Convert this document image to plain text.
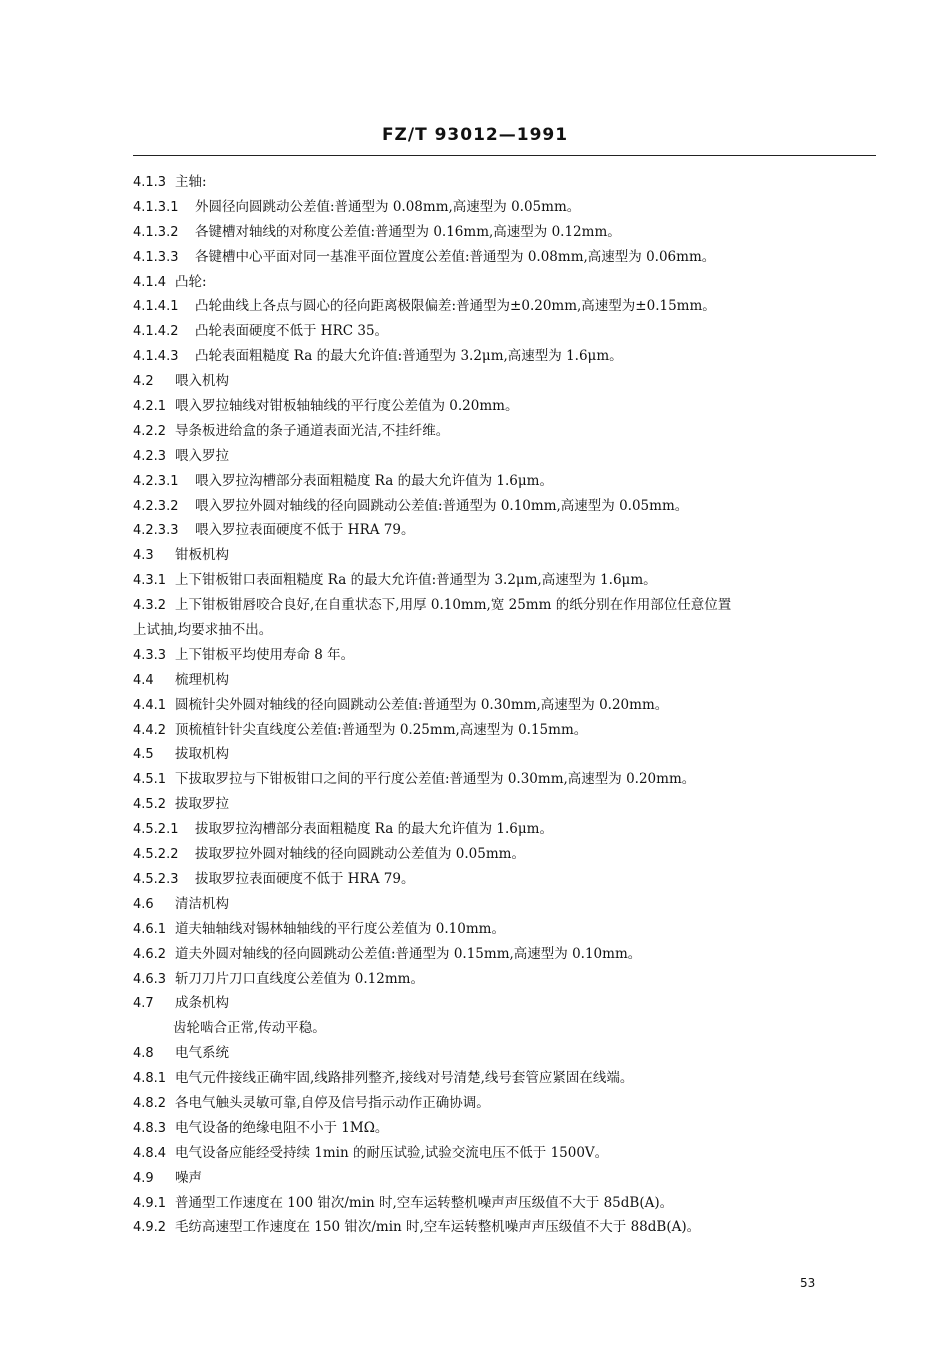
FZ/T 93012—1991
4.1.3 主轴:
4.1.3.1 外圆径向圆跳动公差值:普通型为 0.08mm,高速型为 0.05mm。
4.1.3.2 各键槽对轴线的对称度公差值:普通型为 0.16mm,高速型为 0.12mm。
4.1.3.3 各键槽中心平面对同一基准平面位置度公差值:普通型为 0.08mm,高速型为 0.06mm。
4.1.4 凸轮:
4.1.4.1 凸轮曲线上各点与圆心的径向距离极限偏差:普通型为±0.20mm,高速型为±0.15mm。
4.1.4.2 凸轮表面硬度不低于 HRC 35。
4.1.4.3 凸轮表面粗糙度 Ra 的最大允许值:普通型为 3.2μm,高速型为 1.6μm。
4.2 喂入机构
4.2.1 喂入罗拉轴线对钳板轴轴线的平行度公差值为 0.20mm。
4.2.2 导条板进给盒的条子通道表面光洁,不挂纤维。
4.2.3 喂入罗拉
4.2.3.1 喂入罗拉沟槽部分表面粗糙度 Ra 的最大允许值为 1.6μm。
4.2.3.2 喂入罗拉外圆对轴线的径向圆跳动公差值:普通型为 0.10mm,高速型为 0.05mm。
4.2.3.3 喂入罗拉表面硬度不低于 HRA 79。
4.3 钳板机构
4.3.1 上下钳板钳口表面粗糙度 Ra 的最大允许值:普通型为 3.2μm,高速型为 1.6μm。
4.3.2 上下钳板钳唇咬合良好,在自重状态下,用厚 0.10mm,宽 25mm 的纸分别在作用部位任意位置
上试抽,均要求抽不出。
4.3.3 上下钳板平均使用寿命 8 年。
4.4 梳理机构
4.4.1 圆梳针尖外圆对轴线的径向圆跳动公差值:普通型为 0.30mm,高速型为 0.20mm。
4.4.2 顶梳植针针尖直线度公差值:普通型为 0.25mm,高速型为 0.15mm。
4.5 拔取机构
4.5.1 下拔取罗拉与下钳板钳口之间的平行度公差值:普通型为 0.30mm,高速型为 0.20mm。
4.5.2 拔取罗拉
4.5.2.1 拔取罗拉沟槽部分表面粗糙度 Ra 的最大允许值为 1.6μm。
4.5.2.2 拔取罗拉外圆对轴线的径向圆跳动公差值为 0.05mm。
4.5.2.3 拔取罗拉表面硬度不低于 HRA 79。
4.6 清洁机构
4.6.1 道夫轴轴线对锡林轴轴线的平行度公差值为 0.10mm。
4.6.2 道夫外圆对轴线的径向圆跳动公差值:普通型为 0.15mm,高速型为 0.10mm。
4.6.3 斩刀刀片刀口直线度公差值为 0.12mm。
4.7 成条机构
齿轮啮合正常,传动平稳。
4.8 电气系统
4.8.1 电气元件接线正确牢固,线路排列整齐,接线对号清楚,线号套管应紧固在线端。
4.8.2 各电气触头灵敏可靠,自停及信号指示动作正确协调。
4.8.3 电气设备的绝缘电阻不小于 1MΩ。
4.8.4 电气设备应能经受持续 1min 的耐压试验,试验交流电压不低于 1500V。
4.9 噪声
4.9.1 普通型工作速度在 100 钳次/min 时,空车运转整机噪声声压级值不大于 85dB(A)。
4.9.2 毛纺高速型工作速度在 150 钳次/min 时,空车运转整机噪声声压级值不大于 88dB(A)。
53
